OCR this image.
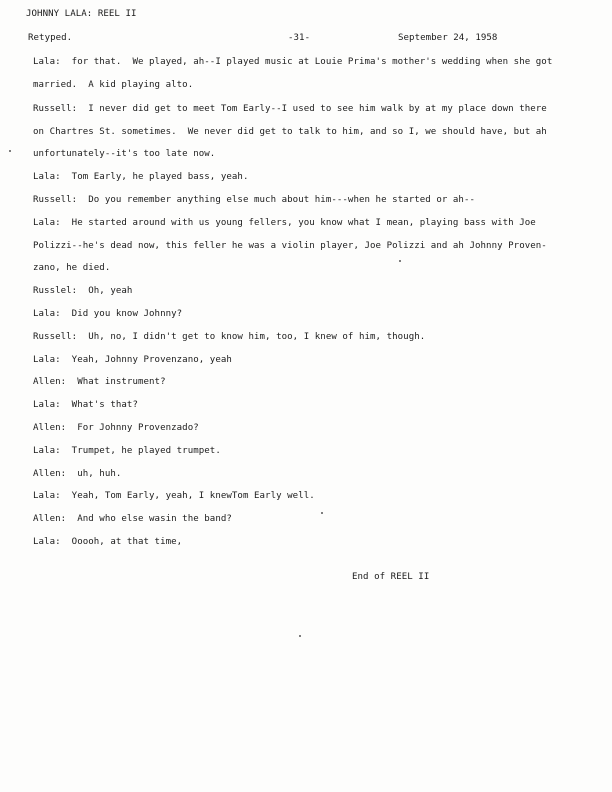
JOHNNY LALA: REEL II
Retyped.	-31-	September 24, 1958
Lala:  for that.  We played, ah--I played music at Louie Prima's mother's wedding when she got
married.  A kid playing alto.
Russell:  I never did get to meet Tom Early--I used to see him walk by at my place down there
on Chartres St. sometimes.  We never did get to talk to him, and so I, we should have, but ah
unfortunately--it's too late now.
Lala:  Tom Early, he played bass, yeah.
Russell:  Do you remember anything else much about him---when he started or ah--
Lala:  He started around with us young fellers, you know what I mean, playing bass with Joe
Polizzi--he's dead now, this feller he was a violin player, Joe Polizzi and ah Johnny Proven-
zano, he died.
Russlel:  Oh, yeah
Lala:  Did you know Johnny?
Russell:  Uh, no, I didn't get to know him, too, I knew of him, though.
Lala:  Yeah, Johnny Provenzano, yeah
Allen:  What instrument?
Lala:  What's that?
Allen:  For Johnny Provenzado?
Lala:  Trumpet, he played trumpet.
Allen:  uh, huh.
Lala:  Yeah, Tom Early, yeah, I knewTom Early well.
Allen:  And who else wasin the band?
Lala:  Ooooh, at that time,
End of REEL II
